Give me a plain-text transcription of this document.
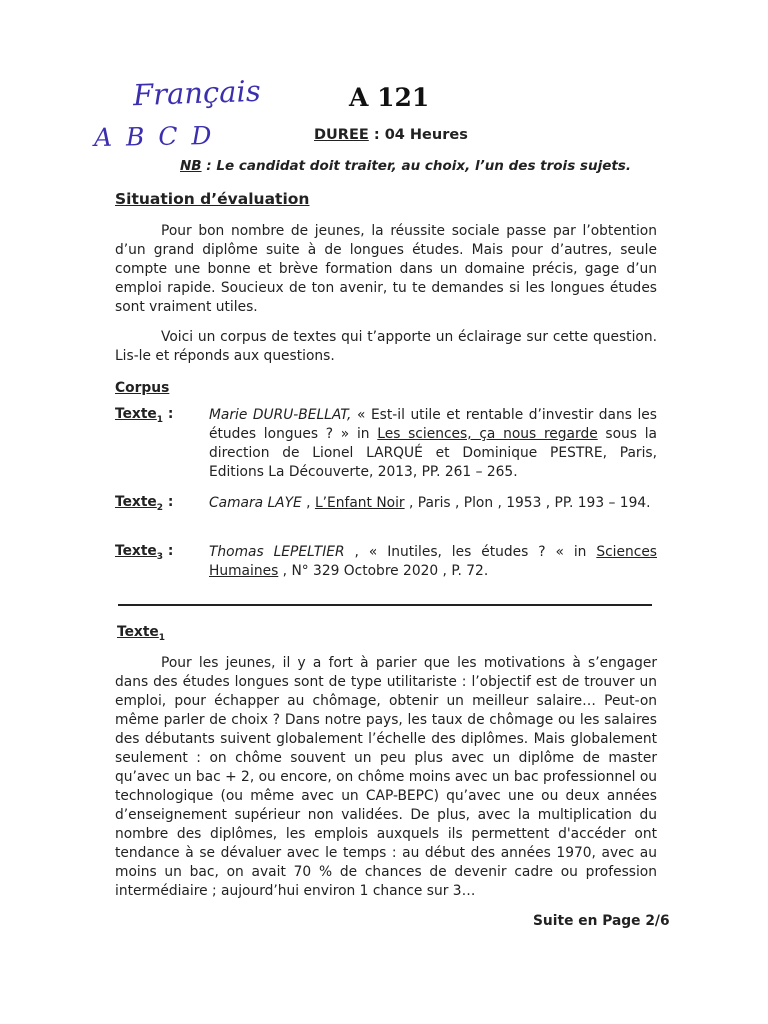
Français
A B C D
A 121
DUREE : 04 Heures
NB : Le candidat doit traiter, au choix, l’un des trois sujets.
Situation d’évaluation
Pour bon nombre de jeunes, la réussite sociale passe par l’obtention d’un grand diplôme suite à de longues études. Mais pour d’autres, seule compte une bonne et brève formation dans un domaine précis, gage d’un emploi rapide. Soucieux de ton avenir, tu te demandes si les longues études sont vraiment utiles.
Voici un corpus de textes qui t’apporte un éclairage sur cette question. Lis-le et réponds aux questions.
Corpus
Texte$_1$ :	Marie DURU-BELLAT, « Est-il utile et rentable d’investir dans les études longues ? » in Les sciences, ça nous regarde sous la direction de Lionel LARQUÉ et Dominique PESTRE, Paris, Editions La Découverte, 2013, PP. 261 – 265.
Texte$_2$ :	Camara LAYE , L’Enfant Noir , Paris , Plon , 1953 , PP. 193 – 194.
Texte$_3$ :	Thomas LEPELTIER , « Inutiles, les études ? « in Sciences Humaines , N° 329 Octobre 2020 , P. 72.
Texte$_1$
Pour les jeunes, il y a fort à parier que les motivations à s’engager dans des études longues sont de type utilitariste : l’objectif est de trouver un emploi, pour échapper au chômage, obtenir un meilleur salaire… Peut-on même parler de choix ? Dans notre pays, les taux de chômage ou les salaires des débutants suivent globalement l’échelle des diplômes. Mais globalement seulement : on chôme souvent un peu plus avec un diplôme de master qu’avec un bac + 2, ou encore, on chôme moins avec un bac professionnel ou technologique (ou même avec un CAP-BEPC) qu’avec une ou deux années d’enseignement supérieur non validées. De plus, avec la multiplication du nombre des diplômes, les emplois auxquels ils permettent d'accéder ont tendance à se dévaluer avec le temps : au début des années 1970, avec au moins un bac, on avait 70 % de chances de devenir cadre ou profession intermédiaire ; aujourd’hui environ 1 chance sur 3…
Suite en Page 2/6
